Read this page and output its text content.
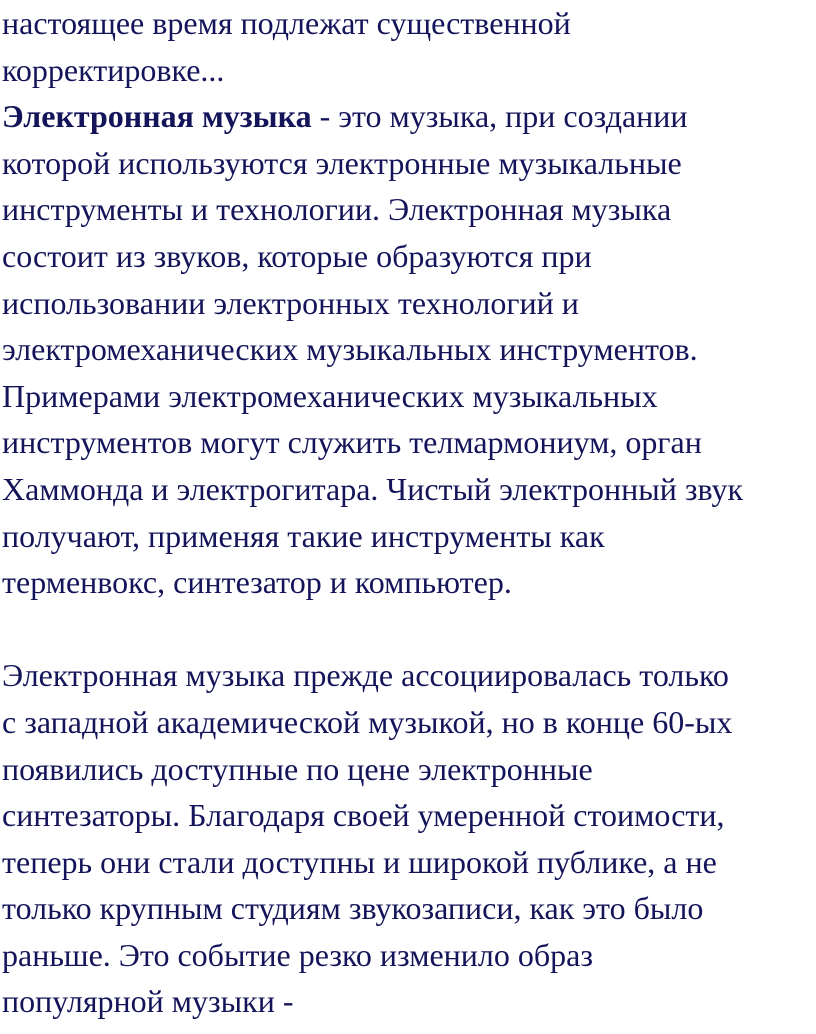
настоящее время подлежат существенной
корректировке...
Электронная музыка - это музыка, при создании
которой используются электронные музыкальные
инструменты и технологии. Электронная музыка
состоит из звуков, которые образуются при
использовании электронных технологий и
электромеханических музыкальных инструментов.
Примерами электромеханических музыкальных
инструментов могут служить телмармониум, орган
Хаммонда и электрогитара. Чистый электронный звук
получают, применяя такие инструменты как
терменвокс, синтезатор и компьютер.
Электронная музыка прежде ассоциировалась только
с западной академической музыкой, но в конце 60-ых
появились доступные по цене электронные
синтезаторы. Благодаря своей умеренной стоимости,
теперь они стали доступны и широкой публике, а не
только крупным студиям звукозаписи, как это было
раньше. Это событие резко изменило образ
популярной музыки -
